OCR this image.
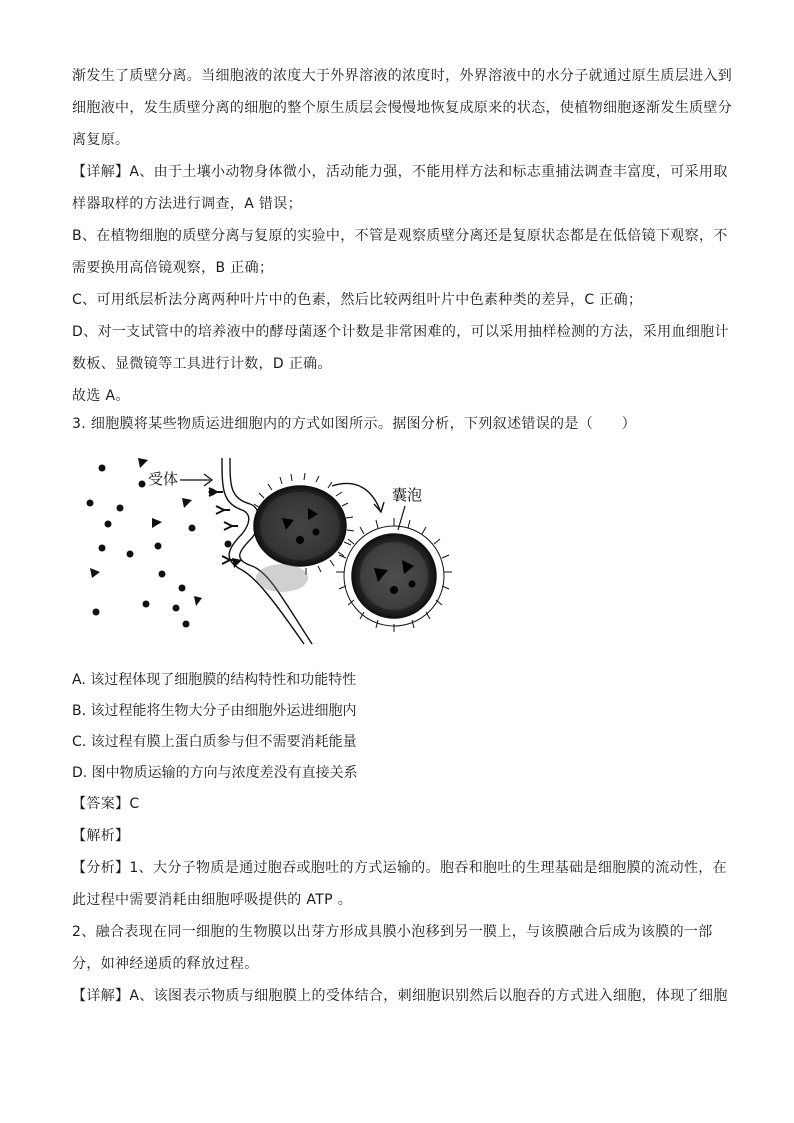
渐发生了质壁分离。当细胞液的浓度大于外界溶液的浓度时，外界溶液中的水分子就通过原生质层进入到
细胞液中，发生质壁分离的细胞的整个原生质层会慢慢地恢复成原来的状态，使植物细胞逐渐发生质壁分
离复原。
【详解】A、由于土壤小动物身体微小，活动能力强，不能用样方法和标志重捕法调查丰富度，可采用取
样器取样的方法进行调查，A 错误；
B、在植物细胞的质壁分离与复原的实验中，不管是观察质壁分离还是复原状态都是在低倍镜下观察，不
需要换用高倍镜观察，B 正确；
C、可用纸层析法分离两种叶片中的色素，然后比较两组叶片中色素种类的差异，C 正确；
D、对一支试管中的培养液中的酵母菌逐个计数是非常困难的，可以采用抽样检测的方法，采用血细胞计
数板、显微镜等工具进行计数，D 正确。
故选 A。
3. 细胞膜将某些物质运进细胞内的方式如图所示。据图分析，下列叙述错误的是（　　）
受体
囊泡
A. 该过程体现了细胞膜的结构特性和功能特性
B. 该过程能将生物大分子由细胞外运进细胞内
C. 该过程有膜上蛋白质参与但不需要消耗能量
D. 图中物质运输的方向与浓度差没有直接关系
【答案】C
【解析】
【分析】1、大分子物质是通过胞吞或胞吐的方式运输的。胞吞和胞吐的生理基础是细胞膜的流动性，在
此过程中需要消耗由细胞呼吸提供的 ATP 。
2、融合表现在同一细胞的生物膜以出芽方形成具膜小泡移到另一膜上，与该膜融合后成为该膜的一部
分，如神经递质的释放过程。
【详解】A、该图表示物质与细胞膜上的受体结合，刺细胞识别然后以胞吞的方式进入细胞，体现了细胞
